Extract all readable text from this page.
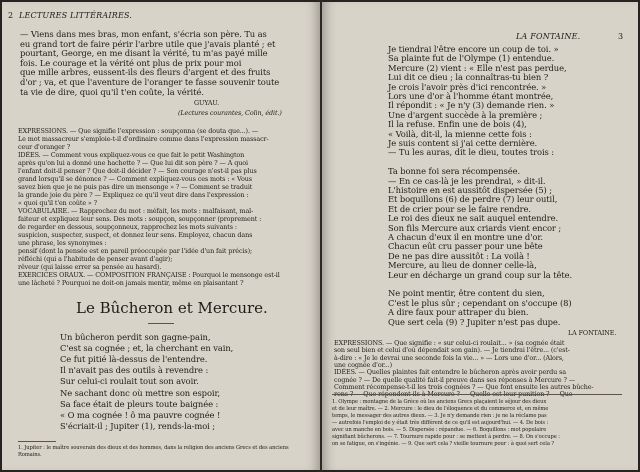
2 LECTURES LITTÉRAIRES.
— Viens dans mes bras, mon enfant, s'écria son père. Tu as
eu grand tort de faire périr l'arbre utile que j'avais planté ; et
pourtant, George, en me disant la vérité, tu m'as payé mille
fois. Le courage et la vérité ont plus de prix pour moi
que mille arbres, eussent-ils des fleurs d'argent et des fruits
d'or ; va, et que l'aventure de l'oranger te fasse souvenir toute
ta vie de dire, quoi qu'il t'en coûte, la vérité.
GUYAU.
(Lectures courantes, Colin, édit.)
EXPRESSIONS. — Que signifie l'expression : soupçonna (se douta que...). —
Le mot massacreur s'emploie-t-il d'ordinaire comme dans l'expression massacr-
ceur d'oranger ?
IDÉES. — Comment vous expliquez-vous ce que fait le petit Washington
après qu'on lui a donné une hachette ? — Que lui dit son père ? — A quoi
l'enfant doit-il penser ? Que doit-il décider ? — Son courage n'est-il pas plus
grand lorsqu'il se dénonce ? — Comment expliquez-vous ces mots : « Vous
savez bien que je ne puis pas dire un mensonge » ? — Comment se traduit
la grande joie du père ? — Expliquez ce qu'il veut dire dans l'expression :
« quoi qu'il t'en coûte » ?
VOCABULAIRE. — Rapprochez du mot : méfait, les mots : malfaisant, mal-
faiteur et expliquez leur sens. Des mots : soupçon, soupçonner (proprement :
de regarder en dessous, soupçonneux, rapprochez les mots suivants :
suspicion, suspecter, suspect, et donnez leur sens. Employez, chacun dans
une phrase, les synonymes :
pensif (dont la pensée est en pareil préoccupée par l'idée d'un fait précis);
réfléchi (qui a l'habitude de penser avant d'agir);
rêveur (qui laisse errer sa pensée au hasard).
EXERCICES ORAUX. — COMPOSITION FRANÇAISE : Pourquoi le mensonge est-il
une lâcheté ? Pourquoi ne doit-on jamais mentir, même en plaisantant ?
Le Bûcheron et Mercure.
Un bûcheron perdit son gagne-pain,
C'est sa cognée ; et, la cherchant en vain,
Ce fut pitié là-dessus de l'entendre.
Il n'avait pas des outils à revendre :
Sur celui-ci roulait tout son avoir.
Ne sachant donc où mettre son espoir,
Sa face était de pleurs toute baignée :
« O ma cognée ! ô ma pauvre cognée !
S'écriait-il ; Jupiter (1), rends-la-moi ;
1. Jupiter : le maître souverain des dieux et des hommes, dans la religion des anciens Grecs et des anciens Romains.
LA FONTAINE.	3
Je tiendrai l'être encore un coup de toi. »
Sa plainte fut de l'Olympe (1) entendue.
Mercure (2) vient : « Elle n'est pas perdue,
Lui dit ce dieu ; la connaîtras-tu bien ?
Je crois l'avoir près d'ici rencontrée. »
Lors une d'or à l'homme étant montrée,
Il répondit : « Je n'y (3) demande rien. »
Une d'argent succède à la première ;
Il la refuse. Enfin une de bois (4),
« Voilà, dit-il, la mienne cette fois :
Je suis content si j'ai cette dernière.
— Tu les auras, dit le dieu, toutes trois :
Ta bonne foi sera récompensée.
— En ce cas-là je les prendrai, » dit-il.
L'histoire en est aussitôt dispersée (5) ;
Et boquillons (6) de perdre (7) leur outil,
Et de crier pour se le faire rendre.
Le roi des dieux ne sait auquel entendre.
Son fils Mercure aux criards vient encor ;
A chacun d'eux il en montre une d'or.
Chacun eût cru passer pour une bête
De ne pas dire aussitôt : La voilà !
Mercure, au lieu de donner celle-là,
Leur en décharge un grand coup sur la tête.
Ne point mentir, être content du sien,
C'est le plus sûr ; cependant on s'occupe (8)
A dire faux pour attraper du bien.
Que sert cela (9) ? Jupiter n'est pas dupe.
LA FONTAINE.
EXPRESSIONS. — Que signifie : « sur celui-ci roulait... » (sa cognée était
son seul bien et celui d'où dépendait son gain). — Je tiendrai l'être... (c'est-
à-dire : « Je le devrai une seconde fois la vie... » — Lors une d'or... (Alors,
une cognée d'or...)
IDÉES. — Quelles plaintes fait entendre le bûcheron après avoir perdu sa
cognée ? — De quelle qualité fait-il preuve dans ses réponses à Mercure ? —
Comment récompense-t-il les trois cognées ? — Que font ensuite les autres bûche-
rons ? — Que répondent-ils à Mercure ? — Quelle est leur punition ? — Que
1. Olympe : montagne de la Grèce où les anciens Grecs plaçaient le séjour des dieux
et de leur maître. — 2. Mercure : le dieu de l'éloquence et du commerce et, en même
temps, le messager des autres dieux. — 3. Je n'y demande rien : je ne la réclame pas
— autrefois l'emploi de y était très différent de ce qu'il est aujourd'hui. — 4. De bois :
avec un manche en bois. — 5. Dispersée : répandue. — 6. Boquillons : mot populaire
signifiant bûcherons. — 7. Tournure rapide pour : se mettent à perdre. — 8. On s'occupe :
on se fatigue, on s'ingénie. — 9. Que sert cela ? vieille tournure pour : à quoi sert cela ?
